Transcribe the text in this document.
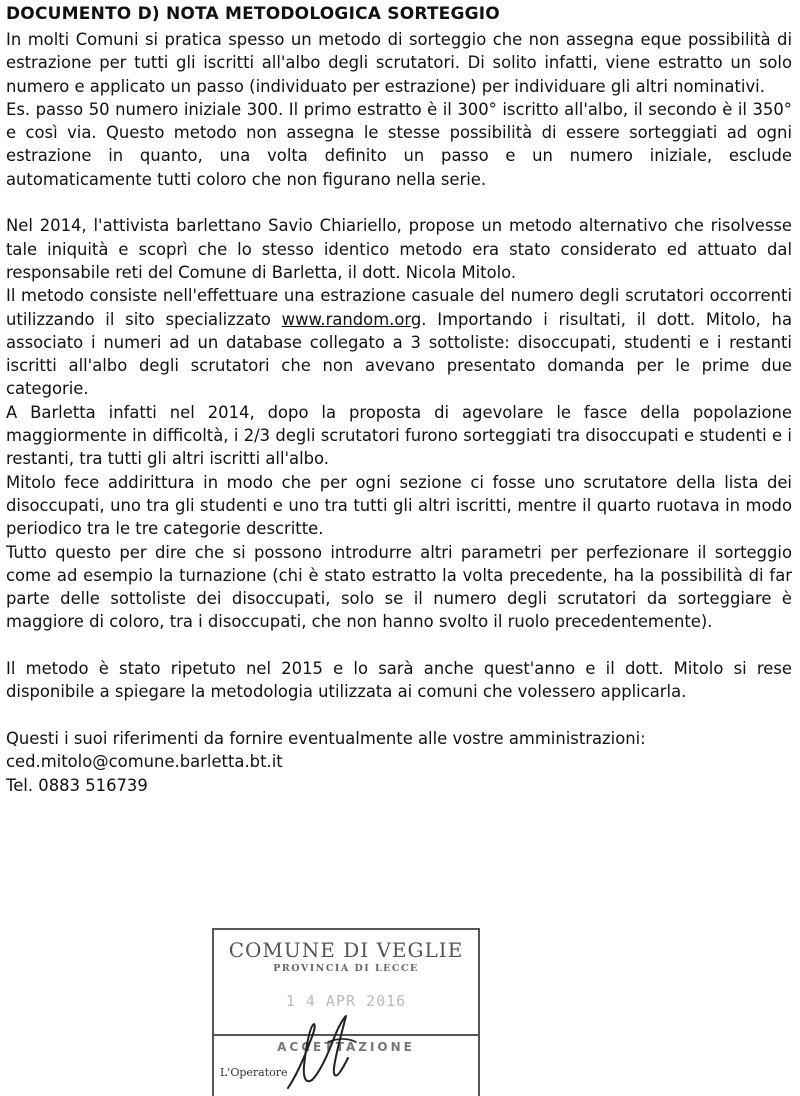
DOCUMENTO D) NOTA METODOLOGICA SORTEGGIO

In molti Comuni si pratica spesso un metodo di sorteggio che non assegna eque possibilità di estrazione per tutti gli iscritti all'albo degli scrutatori. Di solito infatti, viene estratto un solo numero e applicato un passo (individuato per estrazione) per individuare gli altri nominativi.

Es. passo 50 numero iniziale 300. Il primo estratto è il 300° iscritto all'albo, il secondo è il 350° e così via. Questo metodo non assegna le stesse possibilità di essere sorteggiati ad ogni estrazione in quanto, una volta definito un passo e un numero iniziale, esclude automaticamente tutti coloro che non figurano nella serie.

Nel 2014, l'attivista barlettano Savio Chiariello, propose un metodo alternativo che risolvesse tale iniquità e scoprì che lo stesso identico metodo era stato considerato ed attuato dal responsabile reti del Comune di Barletta, il dott. Nicola Mitolo.

Il metodo consiste nell'effettuare una estrazione casuale del numero degli scrutatori occorrenti utilizzando il sito specializzato www.random.org. Importando i risultati, il dott. Mitolo, ha associato i numeri ad un database collegato a 3 sottoliste: disoccupati, studenti e i restanti iscritti all'albo degli scrutatori che non avevano presentato domanda per le prime due categorie.

A Barletta infatti nel 2014, dopo la proposta di agevolare le fasce della popolazione maggiormente in difficoltà, i 2/3 degli scrutatori furono sorteggiati tra disoccupati e studenti e i restanti, tra tutti gli altri iscritti all'albo.

Mitolo fece addirittura in modo che per ogni sezione ci fosse uno scrutatore della lista dei disoccupati, uno tra gli studenti e uno tra tutti gli altri iscritti, mentre il quarto ruotava in modo periodico tra le tre categorie descritte.

Tutto questo per dire che si possono introdurre altri parametri per perfezionare il sorteggio come ad esempio la turnazione (chi è stato estratto la volta precedente, ha la possibilità di far parte delle sottoliste dei disoccupati, solo se il numero degli scrutatori da sorteggiare è maggiore di coloro, tra i disoccupati, che non hanno svolto il ruolo precedentemente).

Il metodo è stato ripetuto nel 2015 e lo sarà anche quest'anno e il dott. Mitolo si rese disponibile a spiegare la metodologia utilizzata ai comuni che volessero applicarla.

Questi i suoi riferimenti da fornire eventualmente alle vostre amministrazioni:

ced.mitolo@comune.barletta.bt.it

Tel. 0883 516739

COMUNE DI VEGLIE
PROVINCIA DI LECCE
1 4 APR 2016
ACCETTAZIONE
L'Operatore
